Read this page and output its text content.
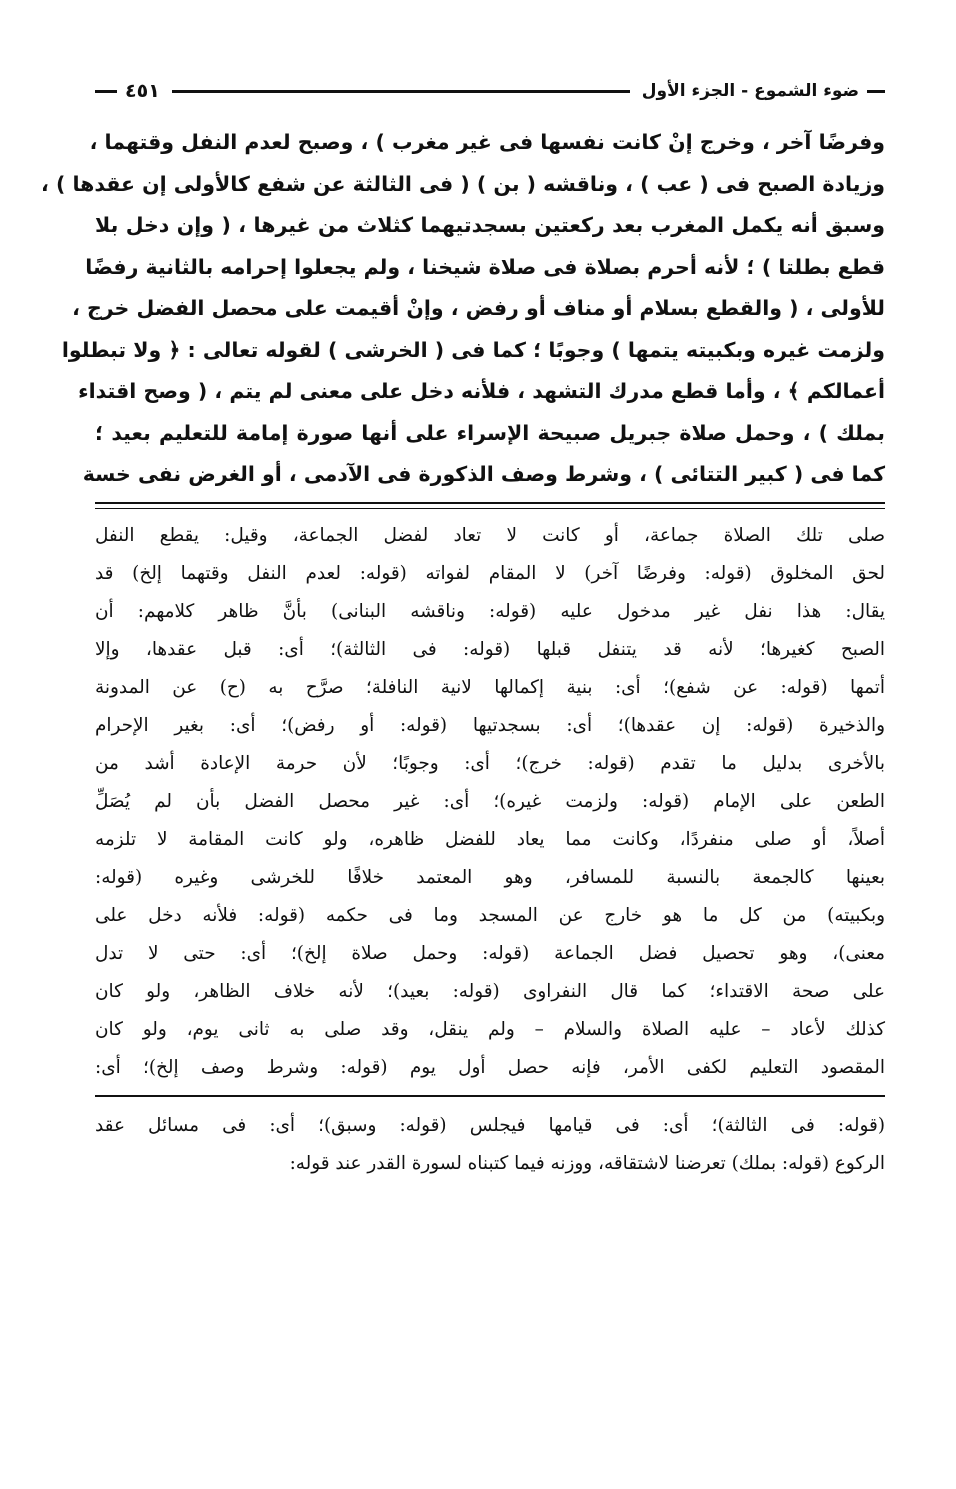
ضوء الشموع - الجزء الأول
٤٥١

وفرضًا آخر ، وخرج إنْ كانت نفسها فى غير مغرب ) ، وصبح لعدم النفل وقتهما ،

وزيادة الصبح فى ( عب ) ، وناقشه ( بن ) ( فى الثالثة عن شفع كالأولى إن عقدها ) ،

وسبق أنه يكمل المغرب بعد ركعتين بسجدتيهما كثلاث من غيرها ، ( وإن دخل بلا

قطع بطلتا ) ؛ لأنه أحرم بصلاة فى صلاة شيخنا ، ولم يجعلوا إحرامه بالثانية رفضًا

للأولى ، ( والقطع بسلام أو مناف أو رفض ، وإنْ أقيمت على محصل الفضل خرج ،

ولزمت غيره وبكبيته يتمها ) وجوبًا ؛ كما فى ( الخرشى ) لقوله تعالى : ﴿ ولا تبطلوا

أعمالكم ﴾ ، وأما قطع مدرك التشهد ، فلأنه دخل على معنى لم يتم ، ( وصح اقتداء

بملك ) ، وحمل صلاة جبريل صبيحة الإسراء على أنها صورة إمامة للتعليم بعيد ؛

كما فى ( كبير التتائى ) ، وشرط وصف الذكورة فى الآدمى ، أو الغرض نفى خسة

صلى تلك الصلاة جماعة، أو كانت لا تعاد لفضل الجماعة، وقيل: يقطع النفل

لحق المخلوق (قوله: وفرضًا آخر) لا المقام لفواته (قوله: لعدم النفل وقتهما إلخ) قد

يقال: هذا نفل غير مدخول عليه (قوله: وناقشه البنانى) بأنَّ ظاهر كلامهم: أن

الصبح كغيرها؛ لأنه قد يتنفل قبلها (قوله: فى الثالثة)؛ أى: قبل عقدها، وإلا

أتمها (قوله: عن شفع)؛ أى: بنية إكمالها لانية النافلة؛ صرَّح به (ح) عن المدونة

والذخيرة (قوله: إن عقدها)؛ أى: بسجدتيها (قوله: أو رفض)؛ أى: بغير الإحرام

بالأخرى بدليل ما تقدم (قوله: خرج)؛ أى: وجوبًا؛ لأن حرمة الإعادة أشد من

الطعن على الإمام (قوله: ولزمت غيره)؛ أى: غير محصل الفضل بأن لم يُصَلِّ

أصلاً، أو صلى منفردًا، وكانت مما يعاد للفضل ظاهره، ولو كانت المقامة لا تلزمه

بعينها كالجمعة بالنسبة للمسافر، وهو المعتمد خلافًا للخرشى وغيره (قوله:

وبكبيته) من كل ما هو خارج عن المسجد وما فى حكمه (قوله: فلأنه دخل على

معنى)، وهو تحصيل فضل الجماعة (قوله: وحمل صلاة إلخ)؛ أى: حتى لا تدل

على صحة الاقتداء؛ كما قال النفراوى (قوله: بعيد)؛ لأنه خلاف الظاهر، ولو كان

كذلك لأعاد – عليه الصلاة والسلام – ولم ينقل، وقد صلى به ثانى يوم، ولو كان

المقصود التعليم لكفى الأمر، فإنه حصل أول يوم (قوله: وشرط وصف إلخ)؛ أى:

(قوله: فى الثالثة)؛ أى: فى قيامها فيجلس (قوله: وسبق)؛ أى: فى مسائل عقد

الركوع (قوله: بملك) تعرضنا لاشتقاقه، ووزنه فيما كتبناه لسورة القدر عند قوله:
